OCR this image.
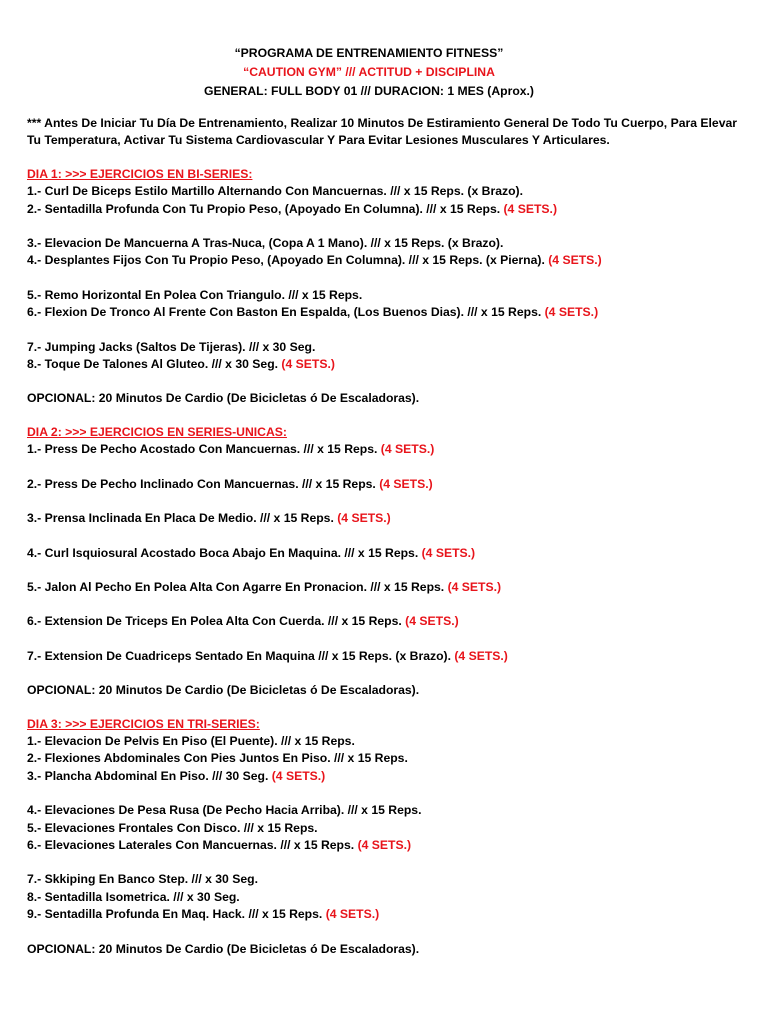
“PROGRAMA DE ENTRENAMIENTO FITNESS”
“CAUTION GYM” /// ACTITUD + DISCIPLINA
GENERAL: FULL BODY 01 /// DURACION: 1 MES (Aprox.)
*** Antes De Iniciar Tu Día De Entrenamiento, Realizar 10 Minutos De Estiramiento General De Todo Tu Cuerpo, Para Elevar Tu Temperatura, Activar Tu Sistema Cardiovascular Y Para Evitar Lesiones Musculares Y Articulares.
DIA 1: >>> EJERCICIOS EN BI-SERIES:
1.- Curl De Biceps Estilo Martillo Alternando Con Mancuernas. /// x 15 Reps. (x Brazo).
2.- Sentadilla Profunda Con Tu Propio Peso, (Apoyado En Columna). /// x 15 Reps. (4 SETS.)
3.- Elevacion De Mancuerna A Tras-Nuca, (Copa A 1 Mano). /// x 15 Reps. (x Brazo).
4.- Desplantes Fijos Con Tu Propio Peso, (Apoyado En Columna). /// x 15 Reps. (x Pierna). (4 SETS.)
5.- Remo Horizontal En Polea Con Triangulo. /// x 15 Reps.
6.- Flexion De Tronco Al Frente Con Baston En Espalda, (Los Buenos Dias). /// x 15 Reps. (4 SETS.)
7.- Jumping Jacks (Saltos De Tijeras). /// x 30 Seg.
8.- Toque De Talones Al Gluteo. /// x 30 Seg. (4 SETS.)
OPCIONAL: 20 Minutos De Cardio (De Bicicletas ó De Escaladoras).
DIA 2: >>> EJERCICIOS EN SERIES-UNICAS:
1.- Press De Pecho Acostado Con Mancuernas. /// x 15 Reps. (4 SETS.)
2.- Press De Pecho Inclinado Con Mancuernas. /// x 15 Reps. (4 SETS.)
3.- Prensa Inclinada En Placa De Medio. /// x 15 Reps. (4 SETS.)
4.- Curl Isquiosural Acostado Boca Abajo En Maquina. /// x 15 Reps. (4 SETS.)
5.- Jalon Al Pecho En Polea Alta Con Agarre En Pronacion. /// x 15 Reps. (4 SETS.)
6.- Extension De Triceps En Polea Alta Con Cuerda. /// x 15 Reps. (4 SETS.)
7.- Extension De Cuadriceps Sentado En Maquina /// x 15 Reps. (x Brazo). (4 SETS.)
OPCIONAL: 20 Minutos De Cardio (De Bicicletas ó De Escaladoras).
DIA 3: >>> EJERCICIOS EN TRI-SERIES:
1.- Elevacion De Pelvis En Piso (El Puente). /// x 15 Reps.
2.- Flexiones Abdominales Con Pies Juntos En Piso. /// x 15 Reps.
3.- Plancha Abdominal En Piso. /// 30 Seg. (4 SETS.)
4.- Elevaciones De Pesa Rusa (De Pecho Hacia Arriba). /// x 15 Reps.
5.- Elevaciones Frontales Con Disco. /// x 15 Reps.
6.- Elevaciones Laterales Con Mancuernas. /// x 15 Reps. (4 SETS.)
7.- Skkiping En Banco Step. /// x 30 Seg.
8.- Sentadilla Isometrica. /// x 30 Seg.
9.- Sentadilla Profunda En Maq. Hack. /// x 15 Reps. (4 SETS.)
OPCIONAL: 20 Minutos De Cardio (De Bicicletas ó De Escaladoras).
